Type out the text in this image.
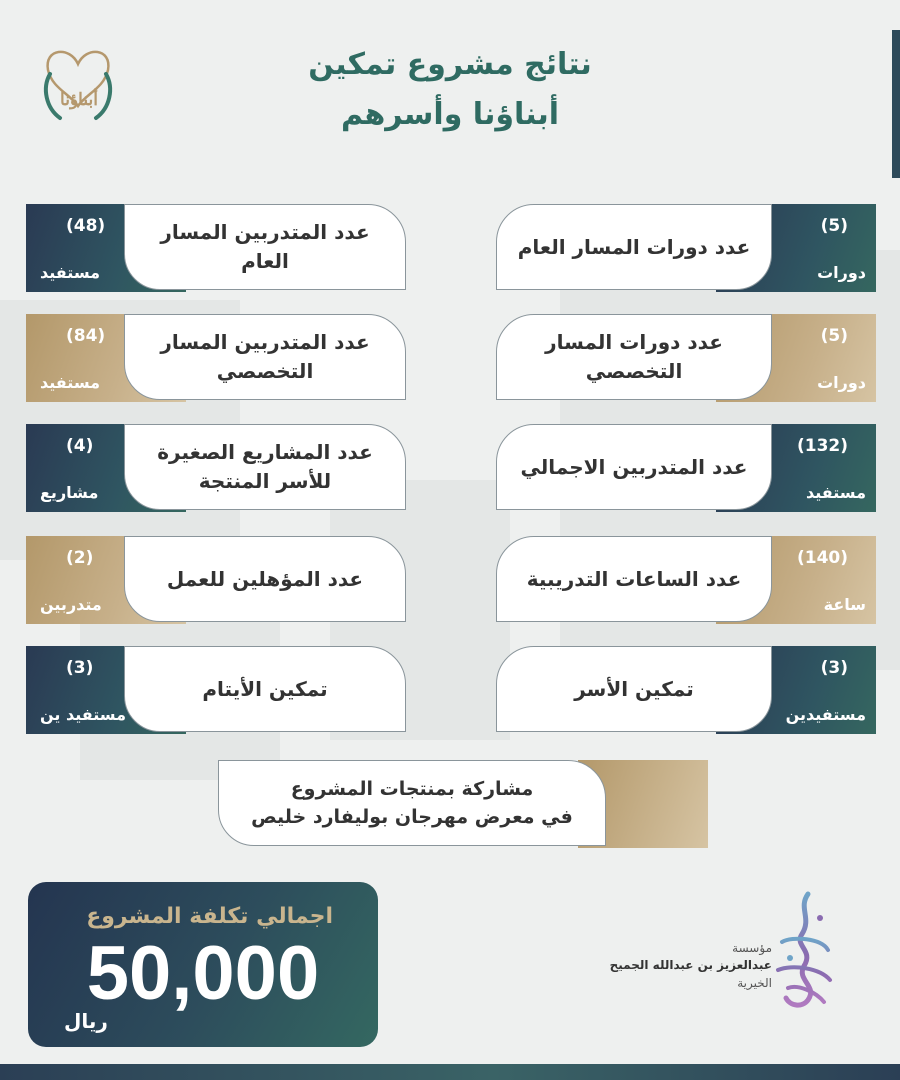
أبناؤنا
نتائج مشروع تمكين
أبناؤنا وأسرهم
(5)
دورات
عدد دورات المسار العام
(5)
دورات
عدد دورات المسار التخصصي
(132)
مستفيد
عدد المتدربين الاجمالي
(140)
ساعة
عدد الساعات التدريبية
(3)
مستفيدين
تمكين الأسر
(48)
مستفيد
عدد المتدربين المسار العام
(84)
مستفيد
عدد المتدربين المسار التخصصي
(4)
مشاريع
عدد المشاريع الصغيرة للأسر المنتجة
(2)
متدربين
عدد المؤهلين للعمل
(3)
مستفيد ين
تمكين الأيتام
مشاركة بمنتجات المشروع
في معرض مهرجان بوليفارد خليص
اجمالي تكلفة المشروع
50,000
ريال
مؤسسة
عبدالعزيز بن عبدالله الجميح
الخيرية
